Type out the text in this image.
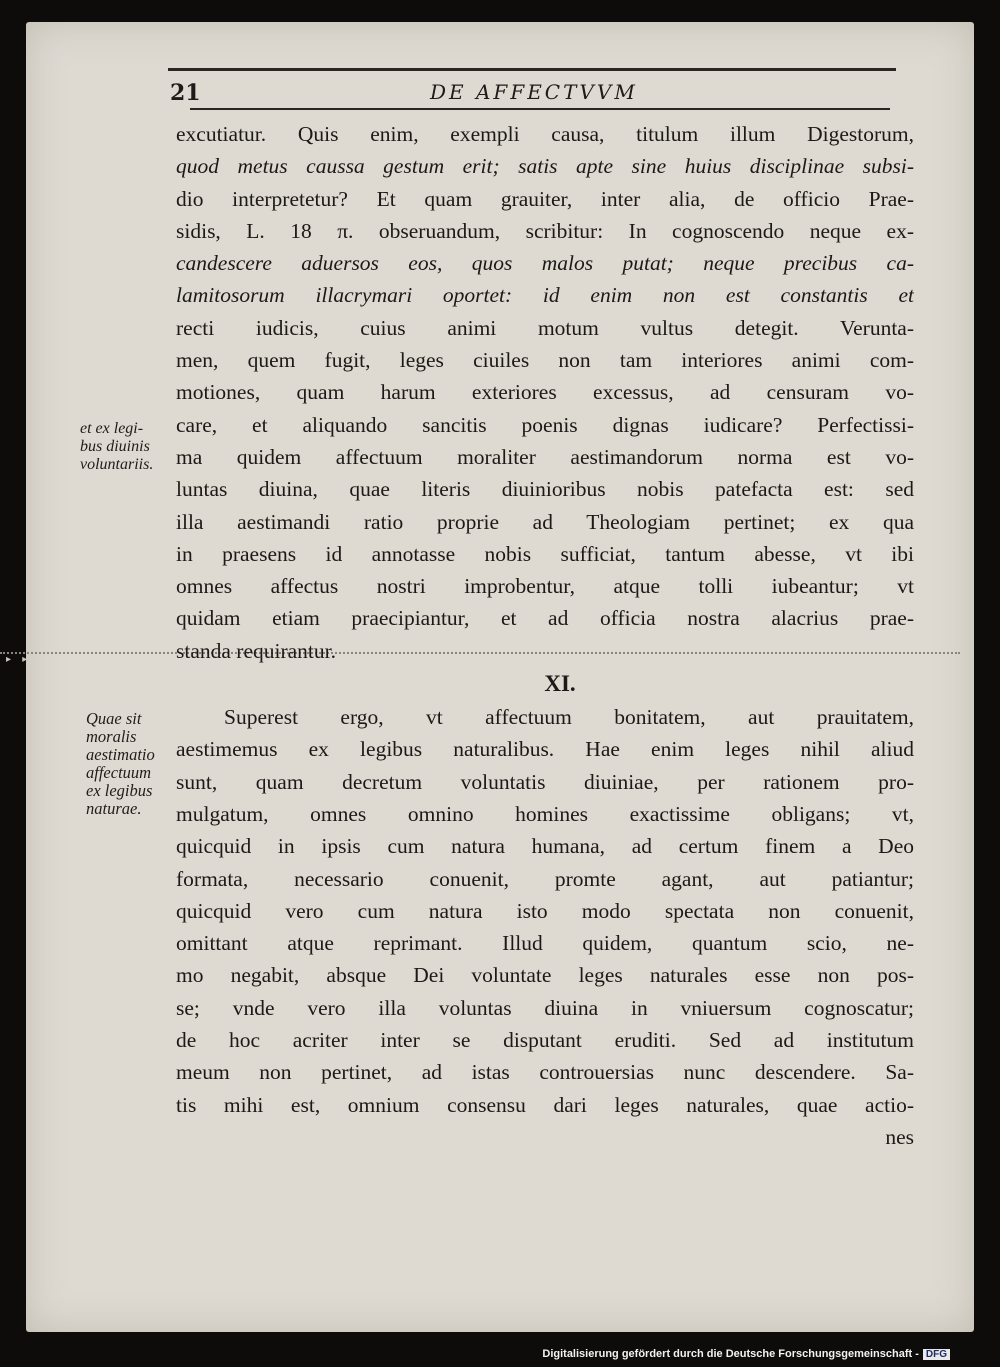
21	DE AFFECTVVM
et ex legi-
bus diuinis
voluntariis.
Quae sit
moralis
aestimatio
affectuum
ex legibus
naturae.
▸ ▸
excutiatur. Quis enim, exempli causa, titulum illum Digestorum,
quod metus caussa gestum erit; satis apte sine huius disciplinae subsi-
dio interpretetur? Et quam grauiter, inter alia, de officio Prae-
sidis, L. 18 π. obseruandum, scribitur: In cognoscendo neque ex-
candescere aduersos eos, quos malos putat; neque precibus ca-
lamitosorum illacrymari oportet: id enim non est constantis et
recti iudicis, cuius animi motum vultus detegit. Verunta-
men, quem fugit, leges ciuiles non tam interiores animi com-
motiones, quam harum exteriores excessus, ad censuram vo-
care, et aliquando sancitis poenis dignas iudicare? Perfectissi-
ma quidem affectuum moraliter aestimandorum norma est vo-
luntas diuina, quae literis diuinioribus nobis patefacta est: sed
illa aestimandi ratio proprie ad Theologiam pertinet; ex qua
in praesens id annotasse nobis sufficiat, tantum abesse, vt ibi
omnes affectus nostri improbentur, atque tolli iubeantur; vt
quidam etiam praecipiantur, et ad officia nostra alacrius prae-
standa requirantur.
XI.
Superest ergo, vt affectuum bonitatem, aut prauitatem,
aestimemus ex legibus naturalibus. Hae enim leges nihil aliud
sunt, quam decretum voluntatis diuiniae, per rationem pro-
mulgatum, omnes omnino homines exactissime obligans; vt,
quicquid in ipsis cum natura humana, ad certum finem a Deo
formata, necessario conuenit, promte agant, aut patiantur;
quicquid vero cum natura isto modo spectata non conuenit,
omittant atque reprimant. Illud quidem, quantum scio, ne-
mo negabit, absque Dei voluntate leges naturales esse non pos-
se; vnde vero illa voluntas diuina in vniuersum cognoscatur;
de hoc acriter inter se disputant eruditi. Sed ad institutum
meum non pertinet, ad istas controuersias nunc descendere. Sa-
tis mihi est, omnium consensu dari leges naturales, quae actio-
nes
Digitalisierung gefördert durch die Deutsche Forschungsgemeinschaft - DFG
